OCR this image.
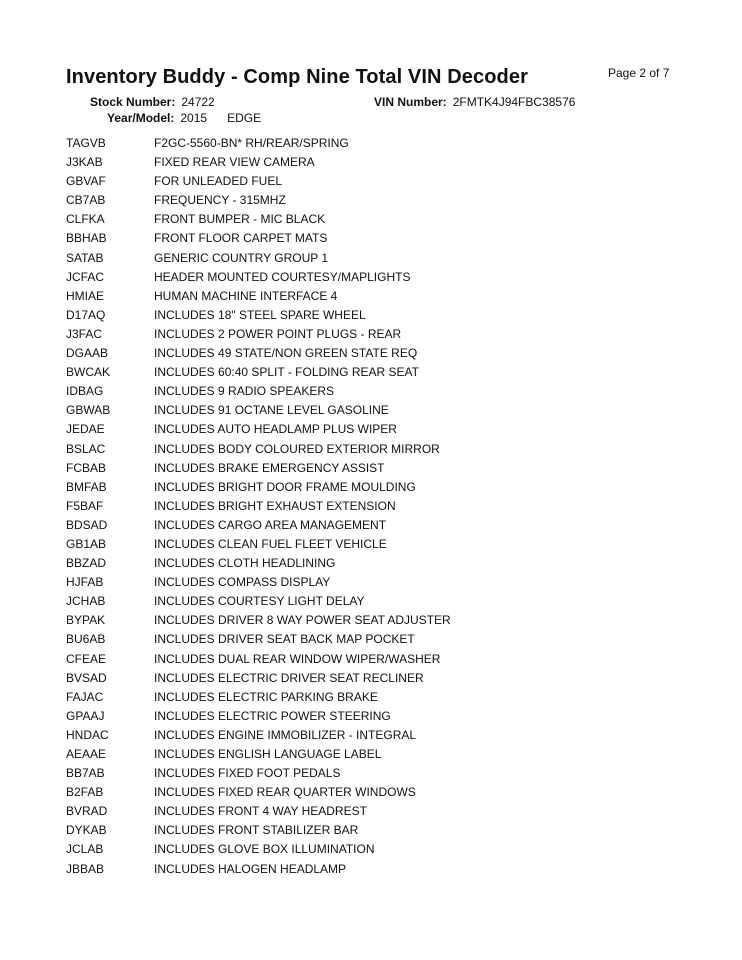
Page 2 of 7
Inventory Buddy - Comp Nine Total VIN Decoder
Stock Number: 24722	VIN Number: 2FMTK4J94FBC38576
Year/Model: 2015 EDGE
TAGVB	F2GC-5560-BN* RH/REAR/SPRING
J3KAB	FIXED REAR VIEW CAMERA
GBVAF	FOR UNLEADED FUEL
CB7AB	FREQUENCY - 315MHZ
CLFKA	FRONT BUMPER - MIC BLACK
BBHAB	FRONT FLOOR CARPET MATS
SATAB	GENERIC COUNTRY GROUP 1
JCFAC	HEADER MOUNTED COURTESY/MAPLIGHTS
HMIAE	HUMAN MACHINE INTERFACE 4
D17AQ	INCLUDES 18" STEEL SPARE WHEEL
J3FAC	INCLUDES 2 POWER POINT PLUGS - REAR
DGAAB	INCLUDES 49 STATE/NON GREEN STATE REQ
BWCAK	INCLUDES 60:40 SPLIT - FOLDING REAR SEAT
IDBAG	INCLUDES 9 RADIO SPEAKERS
GBWAB	INCLUDES 91 OCTANE LEVEL GASOLINE
JEDAE	INCLUDES AUTO HEADLAMP PLUS WIPER
BSLAC	INCLUDES BODY COLOURED EXTERIOR MIRROR
FCBAB	INCLUDES BRAKE EMERGENCY ASSIST
BMFAB	INCLUDES BRIGHT DOOR FRAME MOULDING
F5BAF	INCLUDES BRIGHT EXHAUST EXTENSION
BDSAD	INCLUDES CARGO AREA MANAGEMENT
GB1AB	INCLUDES CLEAN FUEL FLEET VEHICLE
BBZAD	INCLUDES CLOTH HEADLINING
HJFAB	INCLUDES COMPASS DISPLAY
JCHAB	INCLUDES COURTESY LIGHT DELAY
BYPAK	INCLUDES DRIVER 8 WAY POWER SEAT ADJUSTER
BU6AB	INCLUDES DRIVER SEAT BACK MAP POCKET
CFEAE	INCLUDES DUAL REAR WINDOW WIPER/WASHER
BVSAD	INCLUDES ELECTRIC DRIVER SEAT RECLINER
FAJAC	INCLUDES ELECTRIC PARKING BRAKE
GPAAJ	INCLUDES ELECTRIC POWER STEERING
HNDAC	INCLUDES ENGINE IMMOBILIZER - INTEGRAL
AEAAE	INCLUDES ENGLISH LANGUAGE LABEL
BB7AB	INCLUDES FIXED FOOT PEDALS
B2FAB	INCLUDES FIXED REAR QUARTER WINDOWS
BVRAD	INCLUDES FRONT 4 WAY HEADREST
DYKAB	INCLUDES FRONT STABILIZER BAR
JCLAB	INCLUDES GLOVE BOX ILLUMINATION
JBBAB	INCLUDES HALOGEN HEADLAMP
